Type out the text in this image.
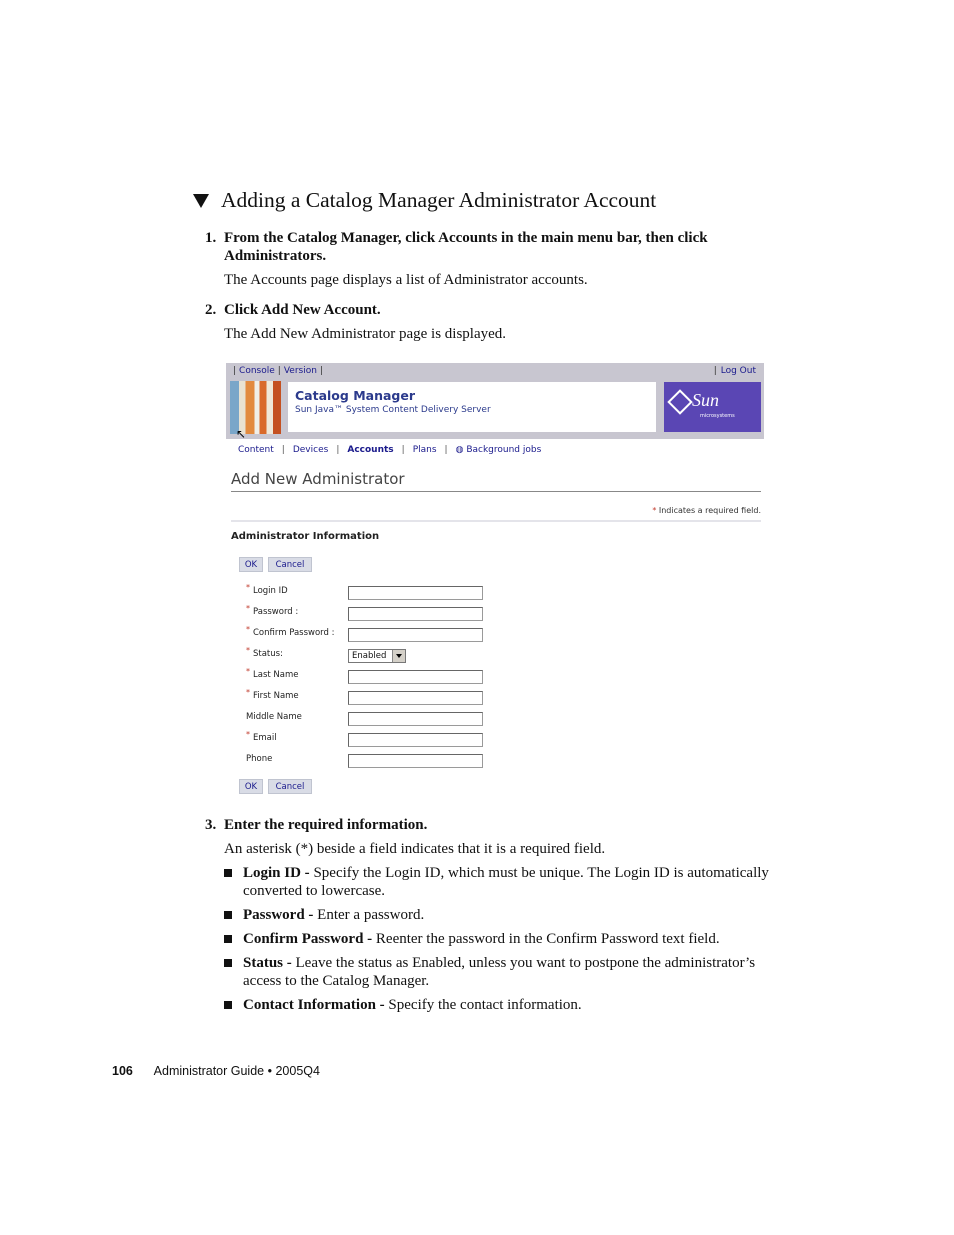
Adding a Catalog Manager Administrator Account
1. From the Catalog Manager, click Accounts in the main menu bar, then click Administrators.
The Accounts page displays a list of Administrator accounts.
2. Click Add New Account.
The Add New Administrator page is displayed.
| Console | Version |	| Log Out
Catalog Manager
Sun Java™ System Content Delivery Server	Sun
microsystems
↖
Content | Devices | Accounts | Plans | ◍ Background jobs
Add New Administrator
* Indicates a required field.
Administrator Information
OK	Cancel
* Login ID
* Password :
* Confirm Password :
* Status:	Enabled
* Last Name
* First Name
Middle Name
* Email
Phone
OK	Cancel
3. Enter the required information.
An asterisk (*) beside a field indicates that it is a required field.
Login ID - Specify the Login ID, which must be unique. The Login ID is automatically converted to lowercase.
Password - Enter a password.
Confirm Password - Reenter the password in the Confirm Password text field.
Status - Leave the status as Enabled, unless you want to postpone the administrator’s access to the Catalog Manager.
Contact Information - Specify the contact information.
106 Administrator Guide • 2005Q4
